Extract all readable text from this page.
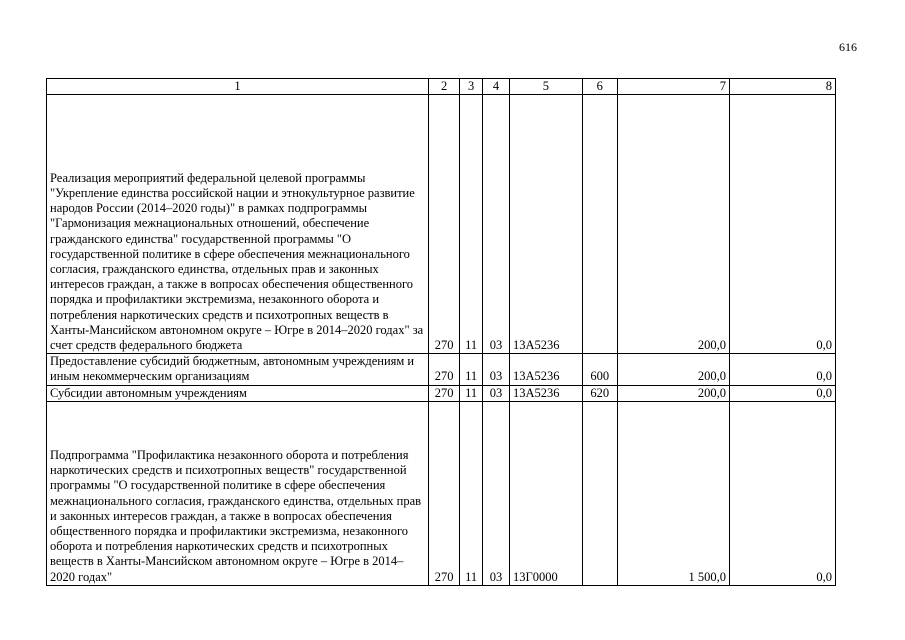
616
1	2	3	4	5	6	7	8
Реализация мероприятий федеральной целевой программы "Укрепление единства российской нации и этнокультурное развитие народов России (2014–2020 годы)" в рамках подпрограммы "Гармонизация межнациональных отношений, обеспечение гражданского единства" государственной программы "О государственной политике в сфере обеспечения межнационального согласия, гражданского единства, отдельных прав и законных интересов граждан, а также в вопросах обеспечения общественного порядка и профилактики экстремизма, незаконного оборота и потребления наркотических средств и психотропных веществ в Ханты-Мансийском автономном округе – Югре в 2014–2020 годах" за счет средств федерального бюджета	270	11	03	13А5236		200,0	0,0
Предоставление субсидий бюджетным, автономным учреждениям и иным некоммерческим организациям	270	11	03	13А5236	600	200,0	0,0
Субсидии автономным учреждениям	270	11	03	13А5236	620	200,0	0,0
Подпрограмма "Профилактика незаконного оборота и потребления наркотических средств и психотропных веществ" государственной программы "О государственной политике в сфере обеспечения межнационального согласия, гражданского единства, отдельных прав и законных интересов граждан, а также в вопросах обеспечения общественного порядка и профилактики экстремизма, незаконного оборота и потребления наркотических средств и психотропных веществ в Ханты-Мансийском автономном округе – Югре в 2014–2020 годах"	270	11	03	13Г0000		1 500,0	0,0
